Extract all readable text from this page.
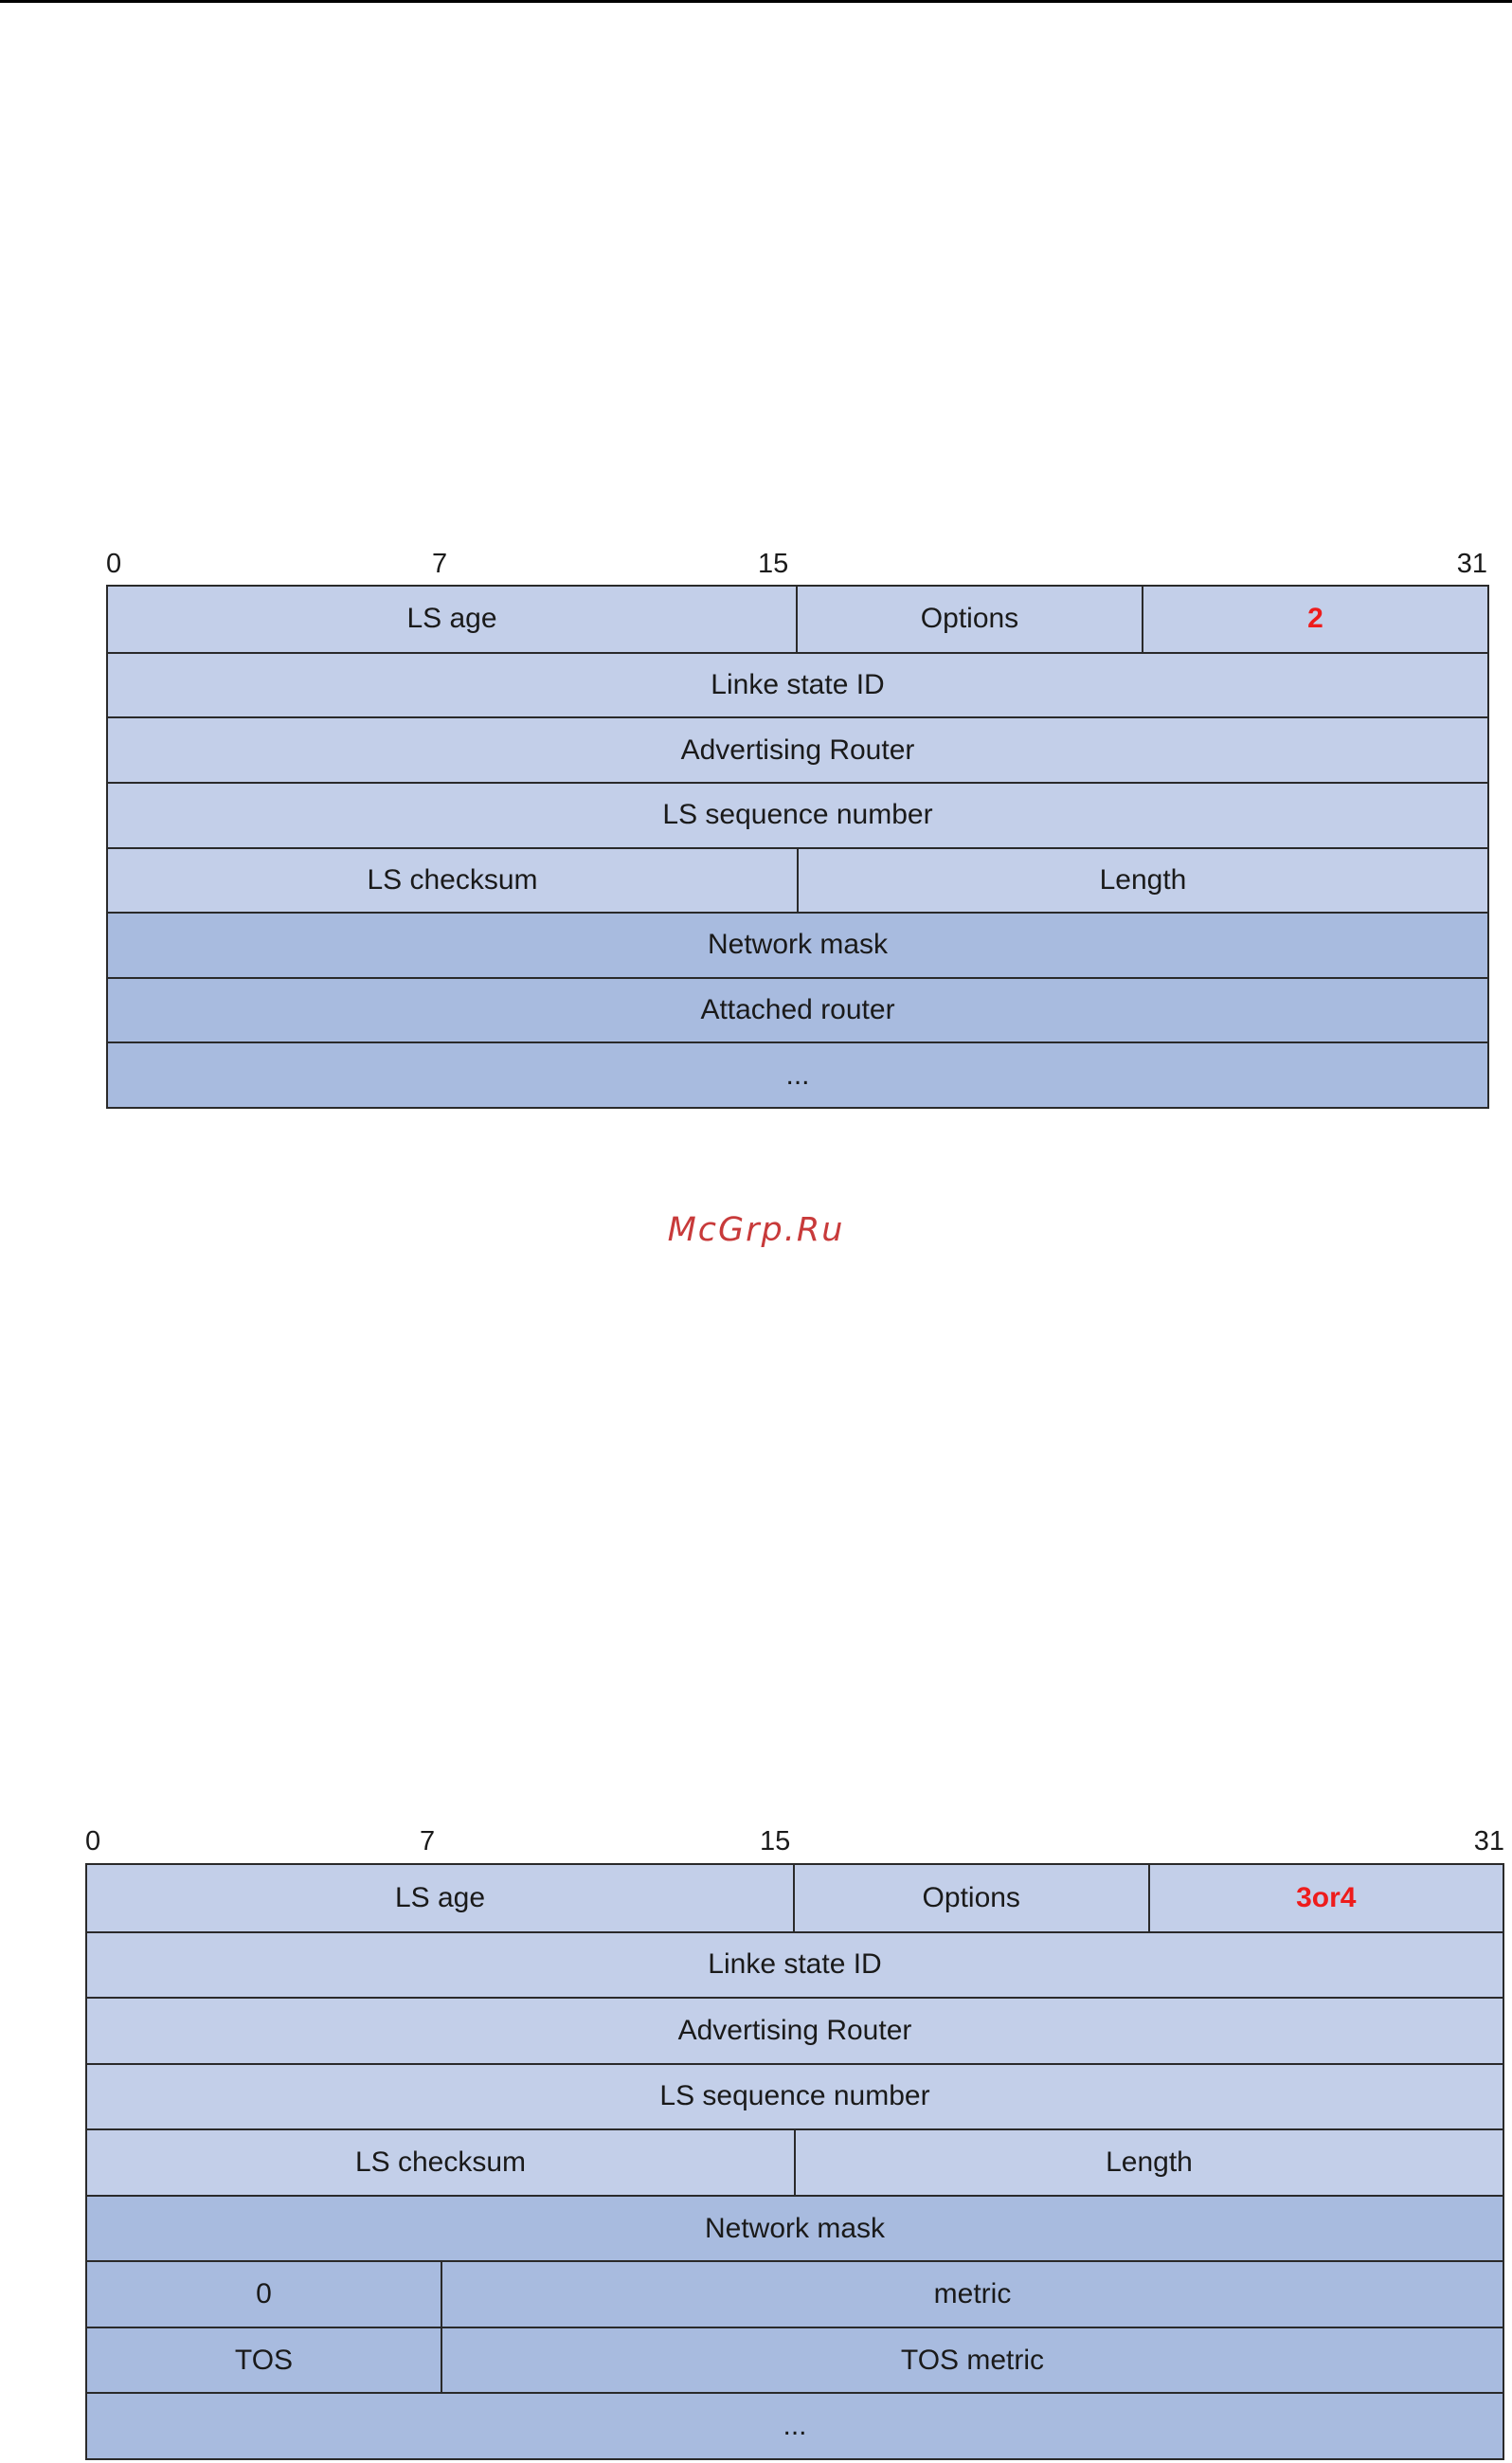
0	7	15	31
LS age	Options	2
Linke state ID
Advertising Router
LS sequence number
LS checksum	Length
Network mask
Attached router
...
McGrp.Ru
0	7	15	31
LS age	Options	3or4
Linke state ID
Advertising Router
LS sequence number
LS checksum	Length
Network mask
0	metric
TOS	TOS metric
...
